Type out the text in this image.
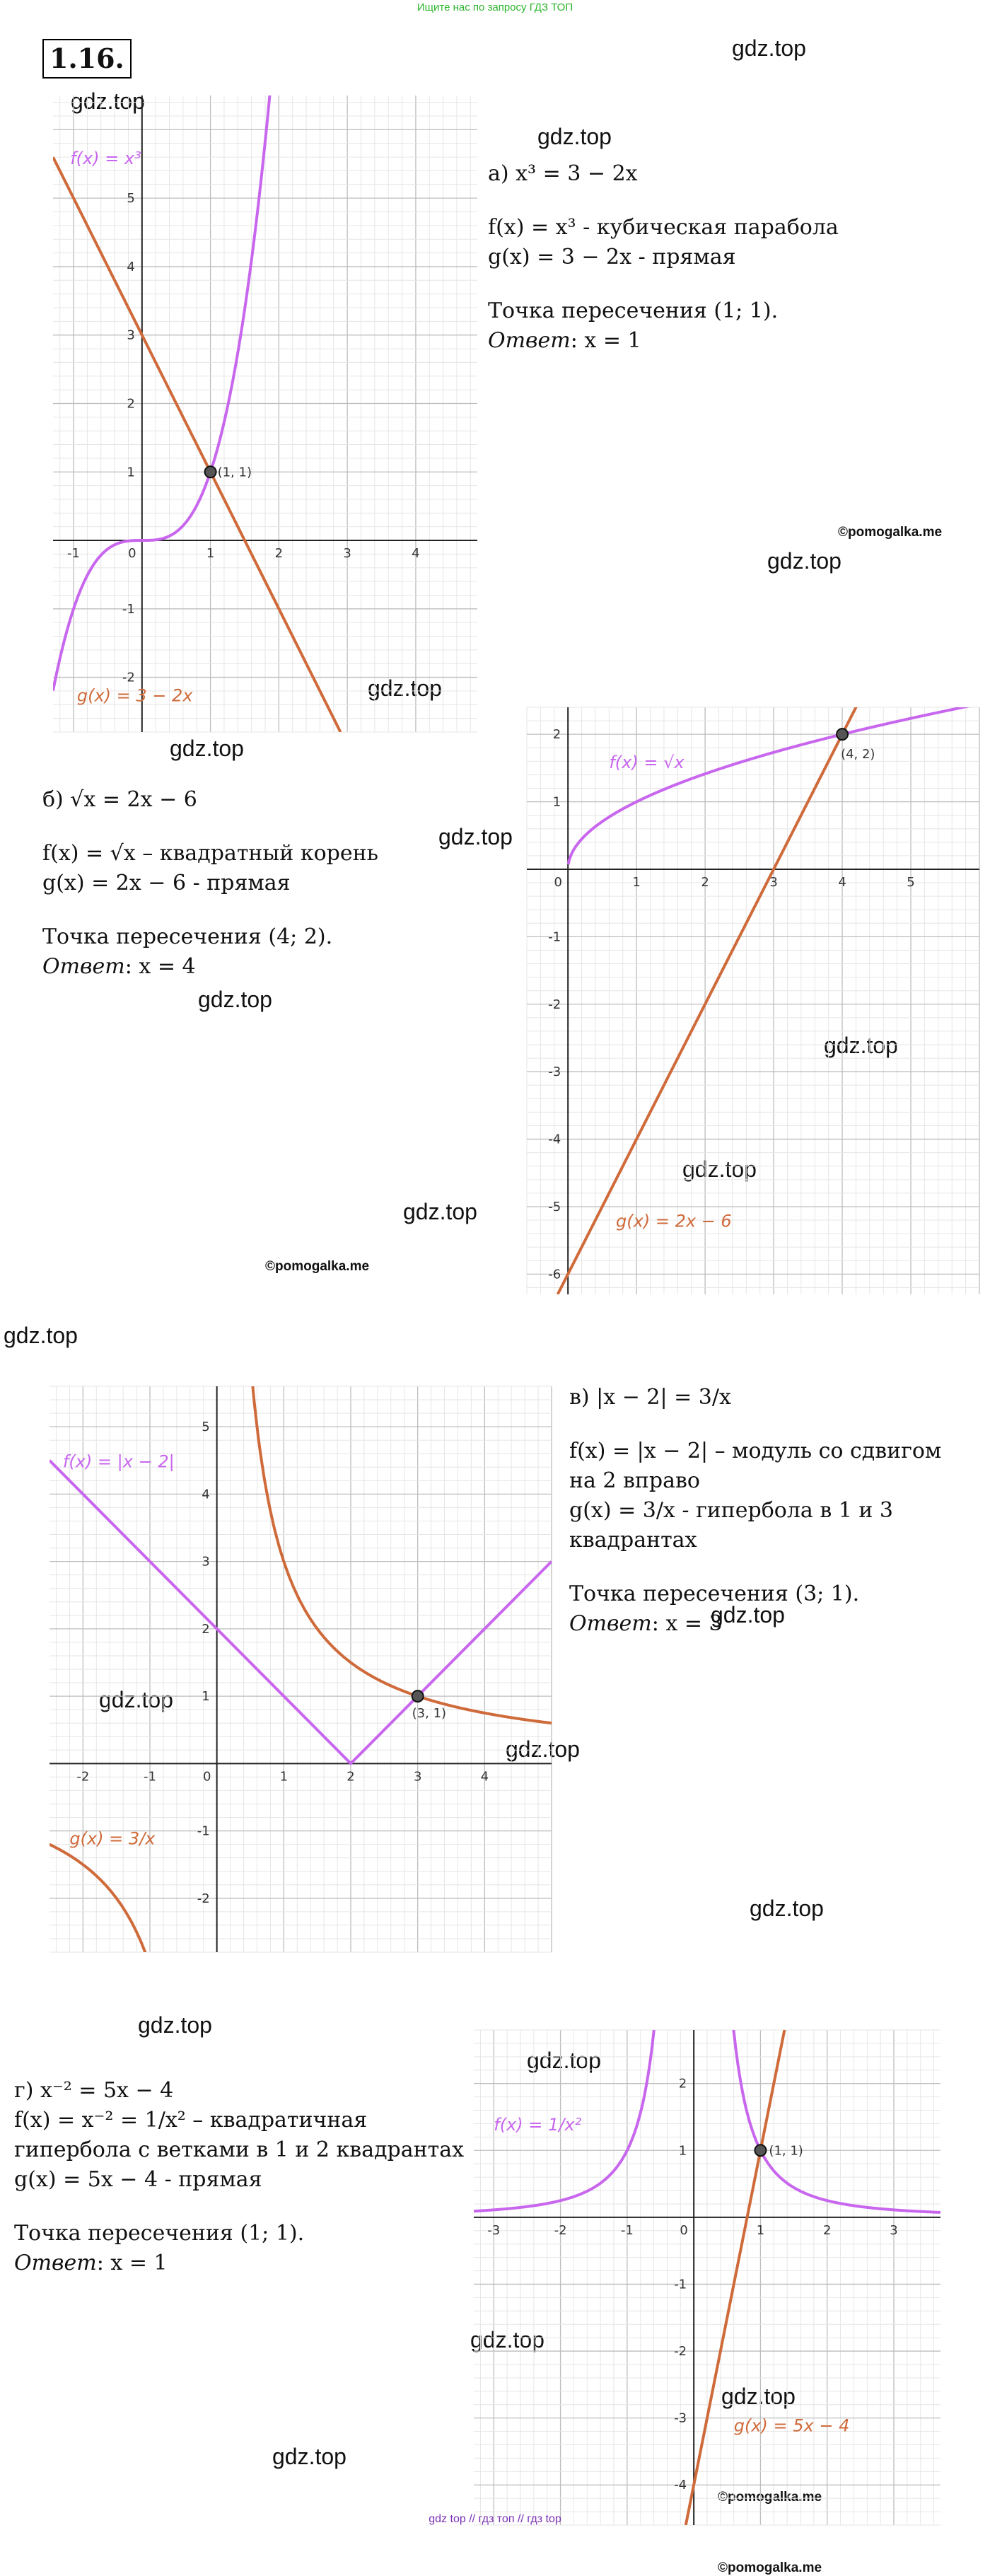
Ищите нас по запросу ГДЗ ТОП
1.16.	gdz.top
gdz.top
gdz.top
gdz.top
gdz.top
gdz.top
gdz.top
gdz.top
gdz.top
gdz.top
gdz.top
gdz.top
gdz.top
gdz.top
gdz.top
gdz.top
gdz.top
gdz.top
gdz.top
gdz.top
gdz.top
©pomogalka.me
©pomogalka.me
©pomogalka.me
©pomogalka.me

а) x³ = 3 − 2x

f(x) = x³ - кубическая парабола

g(x) = 3 − 2x - прямая

Точка пересечения (1; 1).

Ответ: x = 1

б) √x = 2x − 6

f(x) = √x – квадратный корень

g(x) = 2x − 6 - прямая

Точка пересечения (4; 2).

Ответ: x = 4

в) |x − 2| = 3/x

f(x) = |x − 2| – модуль со сдвигом

на 2 вправо

g(x) = 3/x - гипербола в 1 и 3

квадрантах

Точка пересечения (3; 1).

Ответ: x = 3

г) x⁻² = 5x − 4

f(x) = x⁻² = 1/x² – квадратичная

гипербола с ветками в 1 и 2 квадрантах

g(x) = 5x − 4 - прямая

Точка пересечения (1; 1).

Ответ: x = 1

-1	1	2	3	4
0
-2
-1
1
2
3
4
5
f(x) = x³
g(x) = 3 − 2x
(1, 1)
1	2	3	4	5
0
-6
-5
-4
-3
-2
-1
1
2
f(x) = √x
g(x) = 2x − 6
(4, 2)
-2	-1	1	2	3	4
0
-2
-1
1
2
3
4
5
f(x) = |x − 2|
g(x) = 3/x
(3, 1)
-3	-2	-1	1	2	3
0
-4
-3
-2
-1
1
2
f(x) = 1/x²
g(x) = 5x − 4
(1, 1)
gdz top // гдз топ // гдз top
